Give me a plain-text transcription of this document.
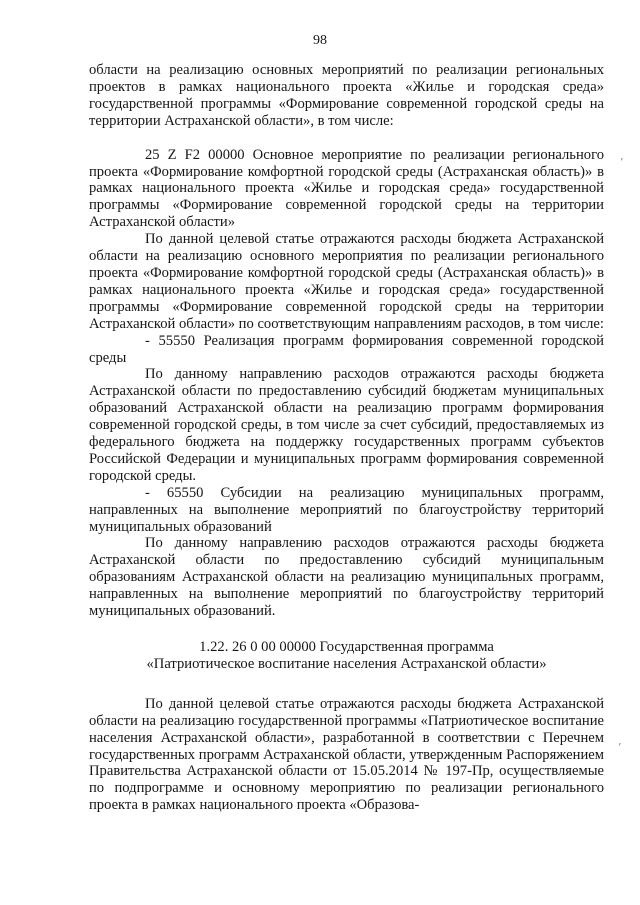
98

области на реализацию основных мероприятий по реализации региональных проектов в рамках национального проекта «Жилье и городская среда» государственной программы «Формирование современной городской среды на территории Астраханской области», в том числе:

25 Z F2 00000 Основное мероприятие по реализации регионального проекта «Формирование комфортной городской среды (Астраханская область)» в рамках национального проекта «Жилье и городская среда» государственной программы «Формирование современной городской среды на территории Астраханской области»

По данной целевой статье отражаются расходы бюджета Астраханской области на реализацию основного мероприятия по реализации регионального проекта «Формирование комфортной городской среды (Астраханская область)» в рамках национального проекта «Жилье и городская среда» государственной программы «Формирование современной городской среды на территории Астраханской области» по соответствующим направлениям расходов, в том числе:

- 55550 Реализация программ формирования современной городской среды

По данному направлению расходов отражаются расходы бюджета Астраханской области по предоставлению субсидий бюджетам муниципальных образований Астраханской области на реализацию программ формирования современной городской среды, в том числе за счет субсидий, предоставляемых из федерального бюджета на поддержку государственных программ субъектов Российской Федерации и муниципальных программ формирования современной городской среды.

- 65550 Субсидии на реализацию муниципальных программ, направленных на выполнение мероприятий по благоустройству территорий муниципальных образований

По данному направлению расходов отражаются расходы бюджета Астраханской области по предоставлению субсидий муниципальным образованиям Астраханской области на реализацию муниципальных программ, направленных на выполнение мероприятий по благоустройству территорий муниципальных образований.

1.22. 26 0 00 00000 Государственная программа

«Патриотическое воспитание населения Астраханской области»

По данной целевой статье отражаются расходы бюджета Астраханской области на реализацию государственной программы «Патриотическое воспитание населения Астраханской области», разработанной в соответствии с Перечнем государственных программ Астраханской области, утвержденным Распоряжением Правительства Астраханской области от 15.05.2014 № 197-Пр, осуществляемые по подпрограмме и основному мероприятию по реализации регионального проекта в рамках национального проекта «Образова-

ʼ
ʼ
